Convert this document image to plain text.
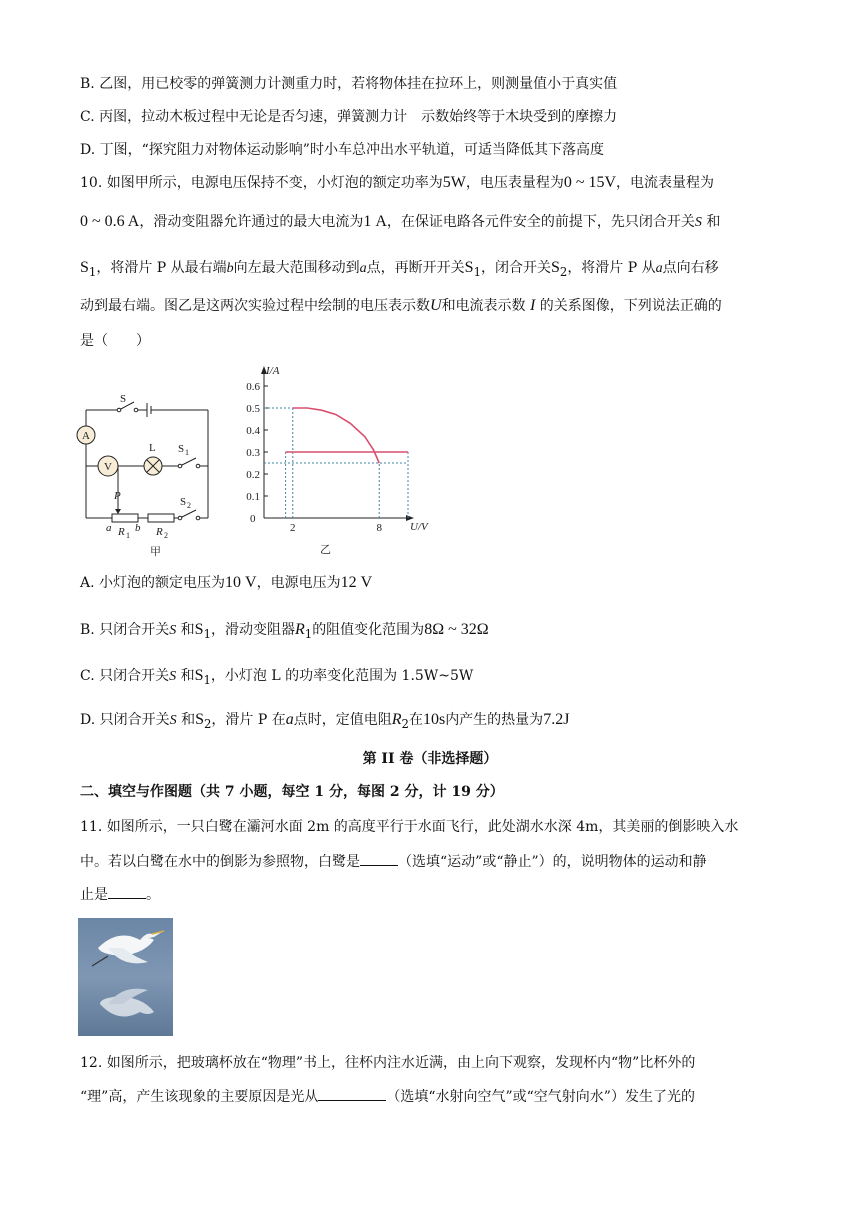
B. 乙图，用已校零的弹簧测力计测重力时，若将物体挂在拉环上，则测量值小于真实值
C. 丙图，拉动木板过程中无论是否匀速，弹簧测力计　示数始终等于木块受到的摩擦力
D. 丁图，“探究阻力对物体运动影响”时小车总冲出水平轨道，可适当降低其下落高度
10. 如图甲所示，电源电压保持不变，小灯泡的额定功率为5W，电压表量程为0 ~ 15V，电流表量程为
0 ~ 0.6 A，滑动变阻器允许通过的最大电流为1 A，在保证电路各元件安全的前提下，先只闭合开关S 和
$S_1$，将滑片 P 从最右端b向左最大范围移动到a点，再断开开关$S_1$，闭合开关$S_2$，将滑片 P 从a点向右移
动到最右端。图乙是这两次实验过程中绘制的电压表示数U和电流表示数 I 的关系图像，下列说法正确的
是（　　）
A
V
S
L S 1
S 2
P
a b
R 1 R 2
甲
I/A
U/V
0
乙
0.1
0.2
0.3
0.4
0.5
0.6
2	8
A. 小灯泡的额定电压为10 V，电源电压为12 V
B. 只闭合开关S 和$S_1$，滑动变阻器$R_1$的阻值变化范围为8Ω ~ 32Ω
C. 只闭合开关S 和$S_1$，小灯泡 L 的功率变化范围为 1.5W~5W
D. 只闭合开关S 和$S_2$，滑片 P 在a点时，定值电阻$R_2$在10s内产生的热量为7.2J
第 II 卷（非选择题）
二、填空与作图题（共 7 小题，每空 1 分，每图 2 分，计 19 分）
11. 如图所示，一只白鹭在灞河水面 2m 的高度平行于水面飞行，此处湖水水深 4m，其美丽的倒影映入水
中。若以白鹭在水中的倒影为参照物，白鹭是	（选填“运动”或“静止”）的，说明物体的运动和静
止是	。
12. 如图所示，把玻璃杯放在“物理”书上，往杯内注水近满，由上向下观察，发现杯内“物”比杯外的
“理”高，产生该现象的主要原因是光从	（选填“水射向空气”或“空气射向水”）发生了光的
